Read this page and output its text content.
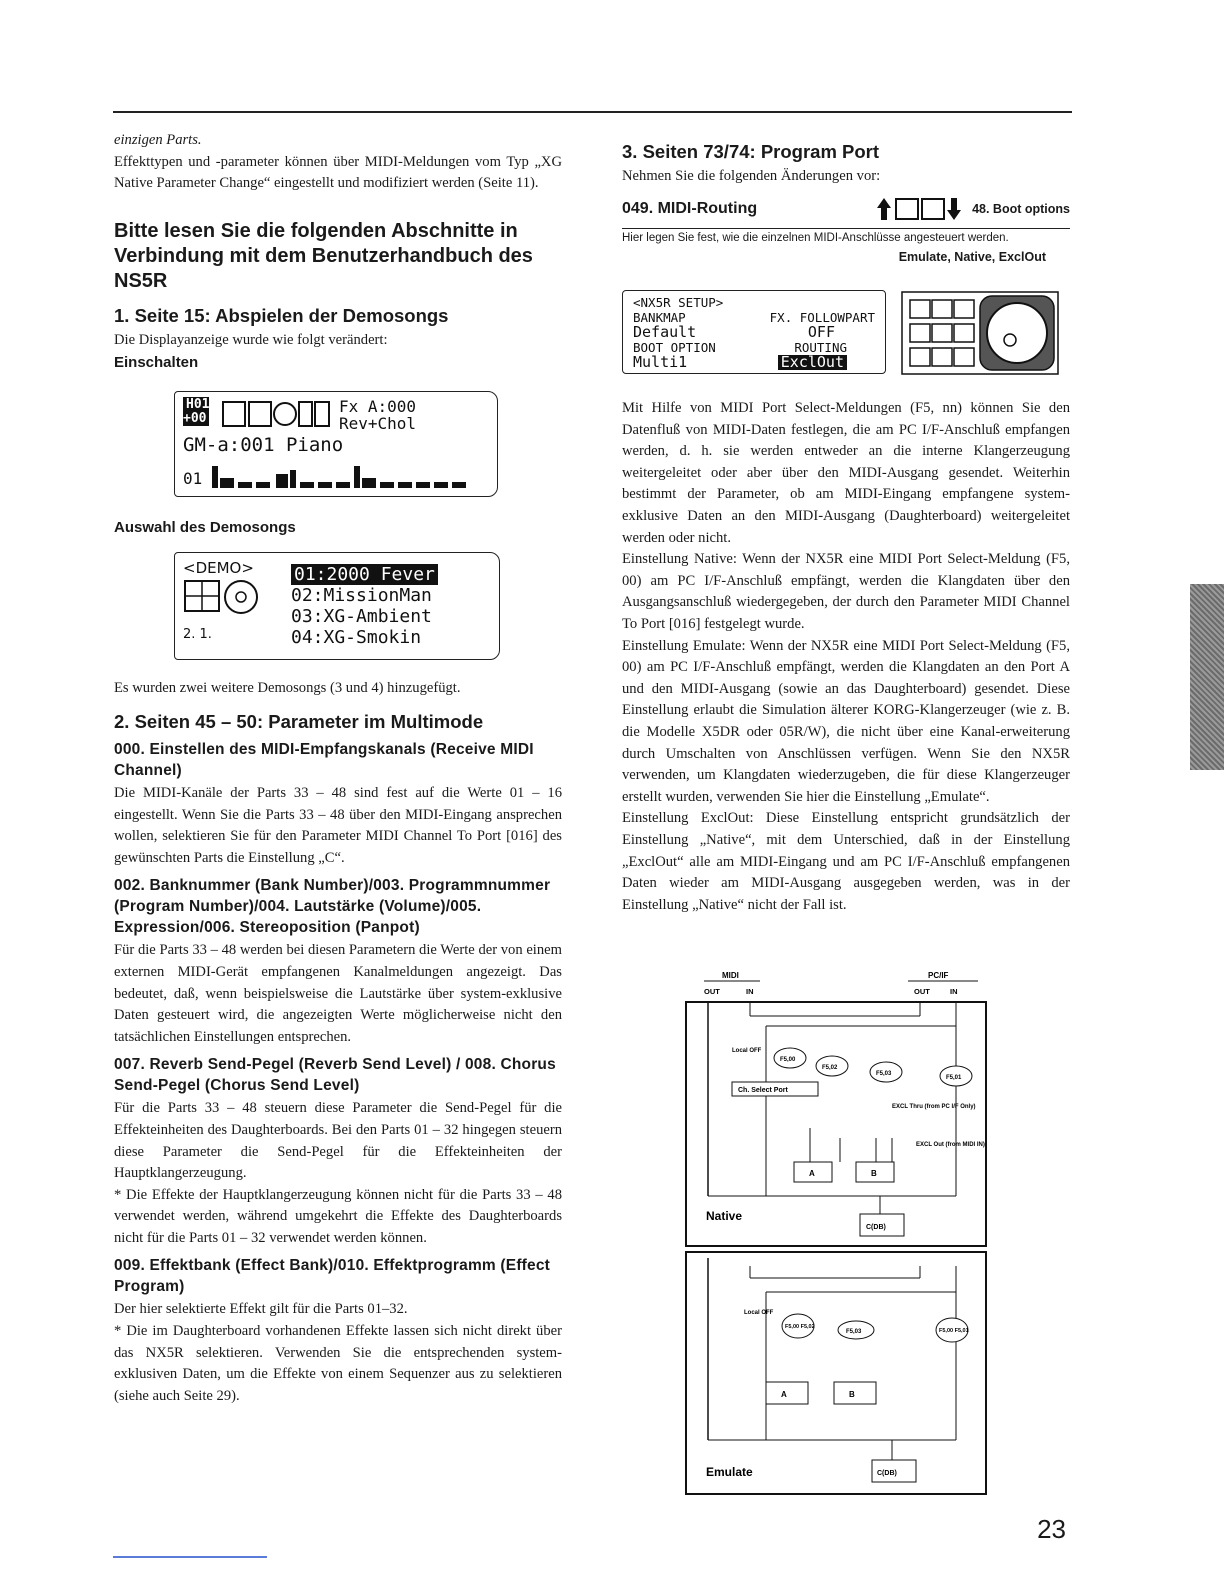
einzigen Parts.

Effekttypen und -parameter können über MIDI-Meldungen vom Typ „XG Native Parameter Change“ eingestellt und modifiziert werden (Seite 11).

Bitte lesen Sie die folgenden Abschnitte in Verbindung mit dem Benutzerhandbuch des NS5R
1. Seite 15: Abspielen der Demosongs

Die Displayanzeige wurde wie folgt verändert:

Einschalten
H01 +00
Fx A:000
Rev+Chol
GM-a:001 Piano
01
Auswahl des Demosongs
<DEMO>
2. 1.
01:2000 Fever
02:MissionMan
03:XG-Ambient
04:XG-Smokin

Es wurden zwei weitere Demosongs (3 und 4) hinzugefügt.

2. Seiten 45 – 50: Parameter im Multimode
000. Einstellen des MIDI-Empfangskanals (Receive MIDI Channel)

Die MIDI-Kanäle der Parts 33 – 48 sind fest auf die Werte 01 – 16 eingestellt. Wenn Sie die Parts 33 – 48 über den MIDI-Eingang ansprechen wollen, selektieren Sie für den Parameter MIDI Channel To Port [016] des gewünschten Parts die Einstellung „C“.

002. Banknummer (Bank Number)/003. Programmnummer (Program Number)/004. Lautstärke (Volume)/005. Expression/006. Stereoposition (Panpot)

Für die Parts 33 – 48 werden bei diesen Parametern die Werte der von einem externen MIDI-Gerät empfangenen Kanalmeldungen angezeigt. Das bedeutet, daß, wenn beispielsweise die Lautstärke über system-exklusive Daten gesteuert wird, die angezeigten Werte möglicherweise nicht den tatsächlichen Einstellungen entsprechen.

007. Reverb Send-Pegel (Reverb Send Level) / 008. Chorus Send-Pegel (Chorus Send Level)

Für die Parts 33 – 48 steuern diese Parameter die Send-Pegel für die Effekteinheiten des Daughterboards. Bei den Parts 01 – 32 hingegen steuern diese Parameter die Send-Pegel für die Effekteinheiten der Hauptklangerzeugung.

* Die Effekte der Hauptklangerzeugung können nicht für die Parts 33 – 48 verwendet werden, während umgekehrt die Effekte des Daughterboards nicht für die Parts 01 – 32 verwendet werden können.

009. Effektbank (Effect Bank)/010. Effektprogramm (Effect Program)

Der hier selektierte Effekt gilt für die Parts 01–32.

* Die im Daughterboard vorhandenen Effekte lassen sich nicht direkt über das NX5R selektieren. Verwenden Sie die entsprechenden system-exklusiven Daten, um die Effekte von einem Sequenzer aus zu selektieren (siehe auch Seite 29).

3. Seiten 73/74: Program Port

Nehmen Sie die folgenden Änderungen vor:

049. MIDI-Routing	48. Boot options
Hier legen Sie fest, wie die einzelnen MIDI-Anschlüsse angesteuert werden.
Emulate, Native, ExclOut
<NX5R SETUP>
BANKMAP	FX. FOLLOWPART
Default	OFF
BOOT OPTION	ROUTING
Multi1	ExclOut

Mit Hilfe von MIDI Port Select-Meldungen (F5, nn) können Sie den Datenfluß von MIDI-Daten festlegen, die am PC I/F-Anschluß empfangen werden, d. h. sie werden entweder an die interne Klangerzeugung weitergeleitet oder aber über den MIDI-Ausgang gesendet. Weiterhin bestimmt der Parameter, ob am MIDI-Eingang empfangene system-exklusive Daten an den MIDI-Ausgang (Daughterboard) weitergeleitet werden oder nicht.

Einstellung Native: Wenn der NX5R eine MIDI Port Select-Meldung (F5, 00) am PC I/F-Anschluß empfängt, werden die Klangdaten über den Ausgangsanschluß wiedergegeben, der durch den Parameter MIDI Channel To Port [016] festgelegt wurde.

Einstellung Emulate: Wenn der NX5R eine MIDI Port Select-Meldung (F5, 00) am PC I/F-Anschluß empfängt, werden die Klangdaten an den Port A und den MIDI-Ausgang (sowie an das Daughterboard) gesendet. Diese Einstellung erlaubt die Simulation älterer KORG-Klangerzeuger (wie z. B. die Modelle X5DR oder 05R/W), die nicht über eine Kanal-erweiterung durch Umschalten von Anschlüssen verfügen. Wenn Sie den NX5R verwenden, um Klangdaten wiederzugeben, die für diese Klangerzeuger erstellt wurden, verwenden Sie hier die Einstellung „Emulate“.

Einstellung ExclOut: Diese Einstellung entspricht grundsätzlich der Einstellung „Native“, mit dem Unterschied, daß in der Einstellung „ExclOut“ alle am MIDI-Eingang und am PC I/F-Anschluß empfangenen Daten wieder am MIDI-Ausgang ausgegeben werden, was in der Einstellung „Native“ nicht der Fall ist.

MIDI	PC/IF
OUT	IN	OUT	IN
Local OFF
F5,00
F5,02
F5,03
F5,01
Ch. Select Port
EXCL Thru (from PC I/F Only)
EXCL Out (from MIDI IN)
A	B
C(DB)
Native
Local OFF
F5,00 F5,02
F5,03	F5,00 F5,01
A	B
C(DB)
Emulate
23
